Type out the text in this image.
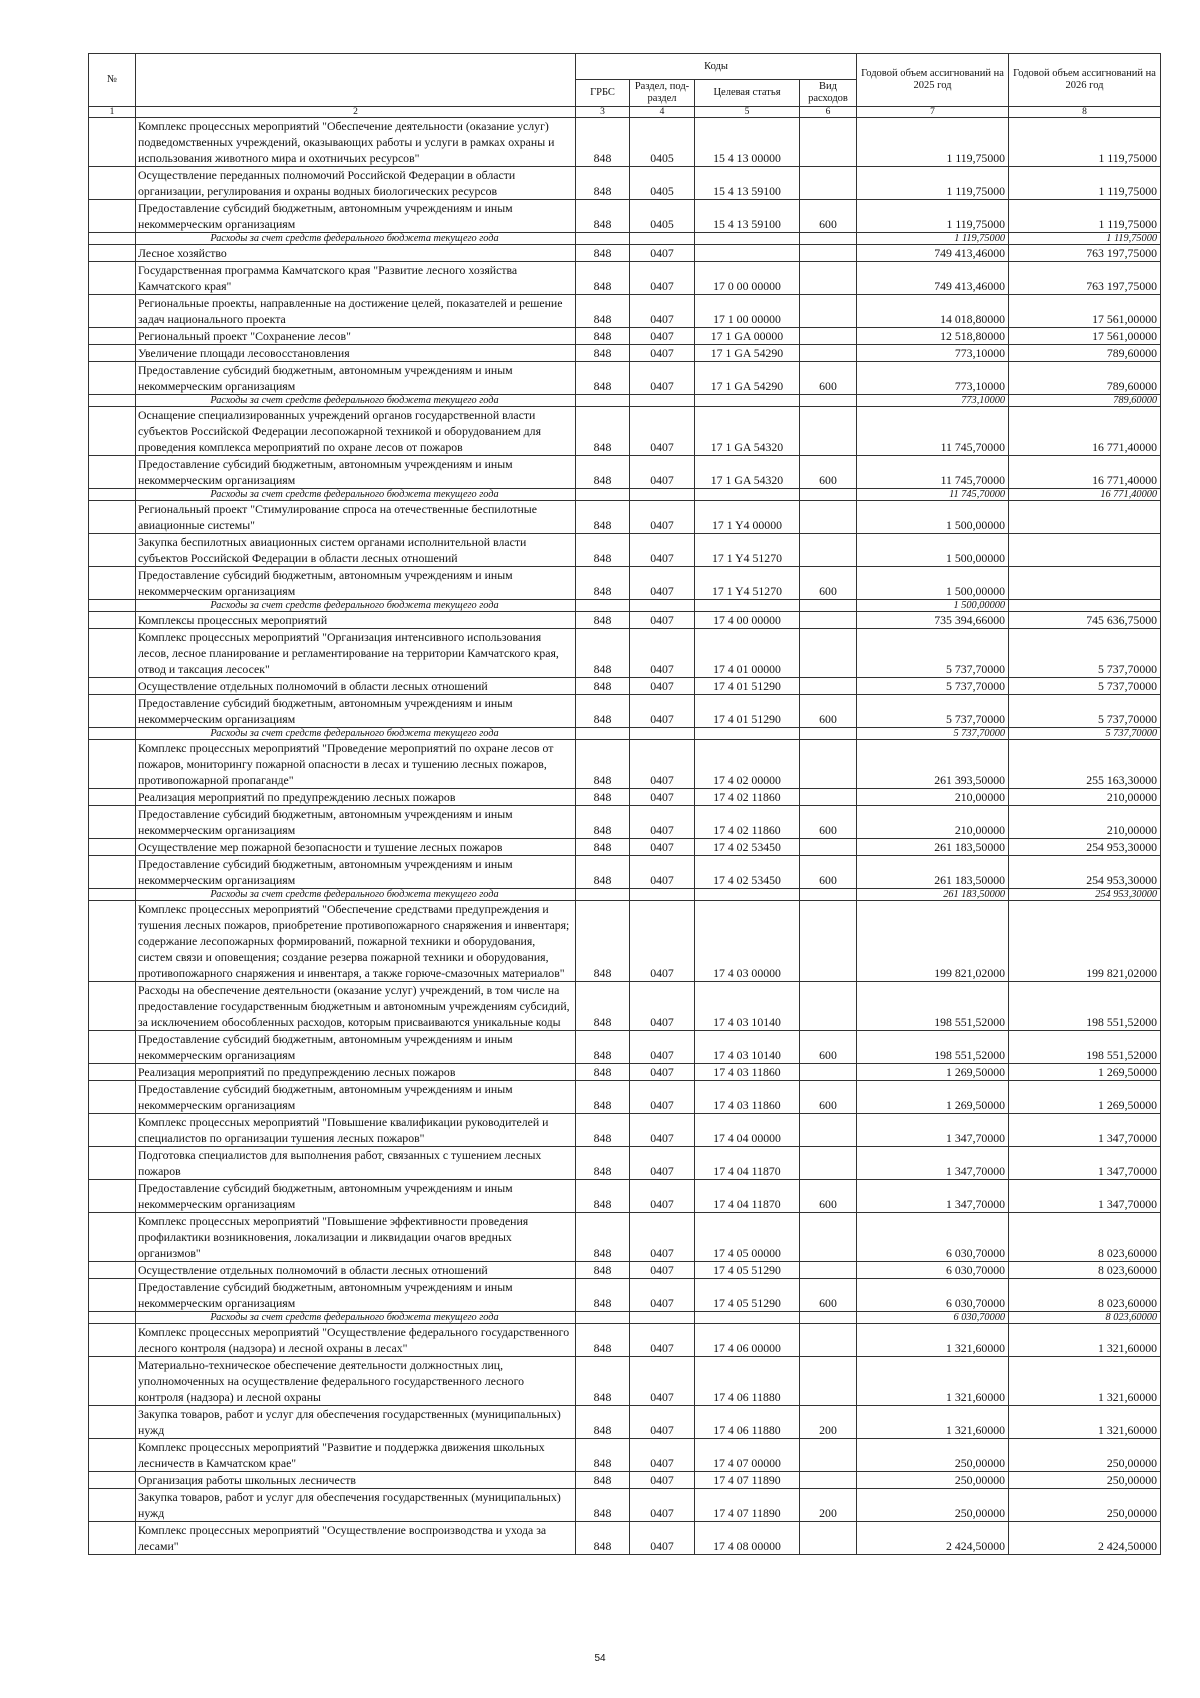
№		Коды				Годовой объем ассигнований на 2025 год	Годовой объем ассигнований на 2026 год
		ГРБС	Раздел, под-раздел	Целевая статья	Вид расходов		
1	2	3	4	5	6	7	8
	Комплекс процессных мероприятий "Обеспечение деятельности (оказание услуг) подведомственных учреждений, оказывающих работы и услуги в рамках охраны и использования животного мира и охотничьих ресурсов"	848	0405	15 4 13 00000		1 119,75000	1 119,75000
	Осуществление переданных полномочий Российской Федерации в области организации, регулирования и охраны водных биологических ресурсов	848	0405	15 4 13 59100		1 119,75000	1 119,75000
	Предоставление субсидий бюджетным, автономным учреждениям и иным некоммерческим организациям	848	0405	15 4 13 59100	600	1 119,75000	1 119,75000
	Расходы за счет средств федерального бюджета текущего года					1 119,75000	1 119,75000
	Лесное хозяйство	848	0407			749 413,46000	763 197,75000
	Государственная программа Камчатского края "Развитие лесного хозяйства Камчатского края"	848	0407	17 0 00 00000		749 413,46000	763 197,75000
	Региональные проекты, направленные на достижение целей, показателей и решение задач национального проекта	848	0407	17 1 00 00000		14 018,80000	17 561,00000
	Региональный проект "Сохранение лесов"	848	0407	17 1 GA 00000		12 518,80000	17 561,00000
	Увеличение площади лесовосстановления	848	0407	17 1 GA 54290		773,10000	789,60000
	Предоставление субсидий бюджетным, автономным учреждениям и иным некоммерческим организациям	848	0407	17 1 GA 54290	600	773,10000	789,60000
	Расходы за счет средств федерального бюджета текущего года					773,10000	789,60000
	Оснащение специализированных учреждений органов государственной власти субъектов Российской Федерации лесопожарной техникой и оборудованием для проведения комплекса мероприятий по охране лесов от пожаров	848	0407	17 1 GA 54320		11 745,70000	16 771,40000
	Предоставление субсидий бюджетным, автономным учреждениям и иным некоммерческим организациям	848	0407	17 1 GA 54320	600	11 745,70000	16 771,40000
	Расходы за счет средств федерального бюджета текущего года					11 745,70000	16 771,40000
	Региональный проект "Стимулирование спроса на отечественные беспилотные авиационные системы"	848	0407	17 1 Y4 00000		1 500,00000	
	Закупка беспилотных авиационных систем органами исполнительной власти субъектов Российской Федерации в области лесных отношений	848	0407	17 1 Y4 51270		1 500,00000	
	Предоставление субсидий бюджетным, автономным учреждениям и иным некоммерческим организациям	848	0407	17 1 Y4 51270	600	1 500,00000	
	Расходы за счет средств федерального бюджета текущего года					1 500,00000	
	Комплексы процессных мероприятий	848	0407	17 4 00 00000		735 394,66000	745 636,75000
	Комплекс процессных мероприятий "Организация интенсивного использования лесов, лесное планирование и регламентирование на территории Камчатского края, отвод и таксация лесосек"	848	0407	17 4 01 00000		5 737,70000	5 737,70000
	Осуществление отдельных полномочий в области лесных отношений	848	0407	17 4 01 51290		5 737,70000	5 737,70000
	Предоставление субсидий бюджетным, автономным учреждениям и иным некоммерческим организациям	848	0407	17 4 01 51290	600	5 737,70000	5 737,70000
	Расходы за счет средств федерального бюджета текущего года					5 737,70000	5 737,70000
	Комплекс процессных мероприятий "Проведение мероприятий по охране лесов от пожаров, мониторингу пожарной опасности в лесах и тушению лесных пожаров, противопожарной пропаганде"	848	0407	17 4 02 00000		261 393,50000	255 163,30000
	Реализация мероприятий по предупреждению лесных пожаров	848	0407	17 4 02 11860		210,00000	210,00000
	Предоставление субсидий бюджетным, автономным учреждениям и иным некоммерческим организациям	848	0407	17 4 02 11860	600	210,00000	210,00000
	Осуществление мер пожарной безопасности и тушение лесных пожаров	848	0407	17 4 02 53450		261 183,50000	254 953,30000
	Предоставление субсидий бюджетным, автономным учреждениям и иным некоммерческим организациям	848	0407	17 4 02 53450	600	261 183,50000	254 953,30000
	Расходы за счет средств федерального бюджета текущего года					261 183,50000	254 953,30000
	Комплекс процессных мероприятий "Обеспечение средствами предупреждения и тушения лесных пожаров, приобретение противопожарного снаряжения и инвентаря; содержание лесопожарных формирований, пожарной техники и оборудования, систем связи и оповещения; создание резерва пожарной техники и оборудования, противопожарного снаряжения и инвентаря, а также горюче-смазочных материалов"	848	0407	17 4 03 00000		199 821,02000	199 821,02000
	Расходы на обеспечение деятельности (оказание услуг) учреждений, в том числе на предоставление государственным бюджетным и автономным учреждениям субсидий, за исключением обособленных расходов, которым присваиваются уникальные коды	848	0407	17 4 03 10140		198 551,52000	198 551,52000
	Предоставление субсидий бюджетным, автономным учреждениям и иным некоммерческим организациям	848	0407	17 4 03 10140	600	198 551,52000	198 551,52000
	Реализация мероприятий по предупреждению лесных пожаров	848	0407	17 4 03 11860		1 269,50000	1 269,50000
	Предоставление субсидий бюджетным, автономным учреждениям и иным некоммерческим организациям	848	0407	17 4 03 11860	600	1 269,50000	1 269,50000
	Комплекс процессных мероприятий "Повышение квалификации руководителей и специалистов по организации тушения лесных пожаров"	848	0407	17 4 04 00000		1 347,70000	1 347,70000
	Подготовка специалистов для выполнения работ, связанных с тушением лесных пожаров	848	0407	17 4 04 11870		1 347,70000	1 347,70000
	Предоставление субсидий бюджетным, автономным учреждениям и иным некоммерческим организациям	848	0407	17 4 04 11870	600	1 347,70000	1 347,70000
	Комплекс процессных мероприятий "Повышение эффективности проведения профилактики возникновения, локализации и ликвидации очагов вредных организмов"	848	0407	17 4 05 00000		6 030,70000	8 023,60000
	Осуществление отдельных полномочий в области лесных отношений	848	0407	17 4 05 51290		6 030,70000	8 023,60000
	Предоставление субсидий бюджетным, автономным учреждениям и иным некоммерческим организациям	848	0407	17 4 05 51290	600	6 030,70000	8 023,60000
	Расходы за счет средств федерального бюджета текущего года					6 030,70000	8 023,60000
	Комплекс процессных мероприятий "Осуществление федерального государственного лесного контроля (надзора) и лесной охраны в лесах"	848	0407	17 4 06 00000		1 321,60000	1 321,60000
	Материально-техническое обеспечение деятельности должностных лиц, уполномоченных на осуществление федерального государственного лесного контроля (надзора) и лесной охраны	848	0407	17 4 06 11880		1 321,60000	1 321,60000
	Закупка товаров, работ и услуг для обеспечения государственных (муниципальных) нужд	848	0407	17 4 06 11880	200	1 321,60000	1 321,60000
	Комплекс процессных мероприятий "Развитие и поддержка движения школьных лесничеств в Камчатском крае"	848	0407	17 4 07 00000		250,00000	250,00000
	Организация работы школьных лесничеств	848	0407	17 4 07 11890		250,00000	250,00000
	Закупка товаров, работ и услуг для обеспечения государственных (муниципальных) нужд	848	0407	17 4 07 11890	200	250,00000	250,00000
	Комплекс процессных мероприятий "Осуществление воспроизводства и ухода за лесами"	848	0407	17 4 08 00000		2 424,50000	2 424,50000
54
